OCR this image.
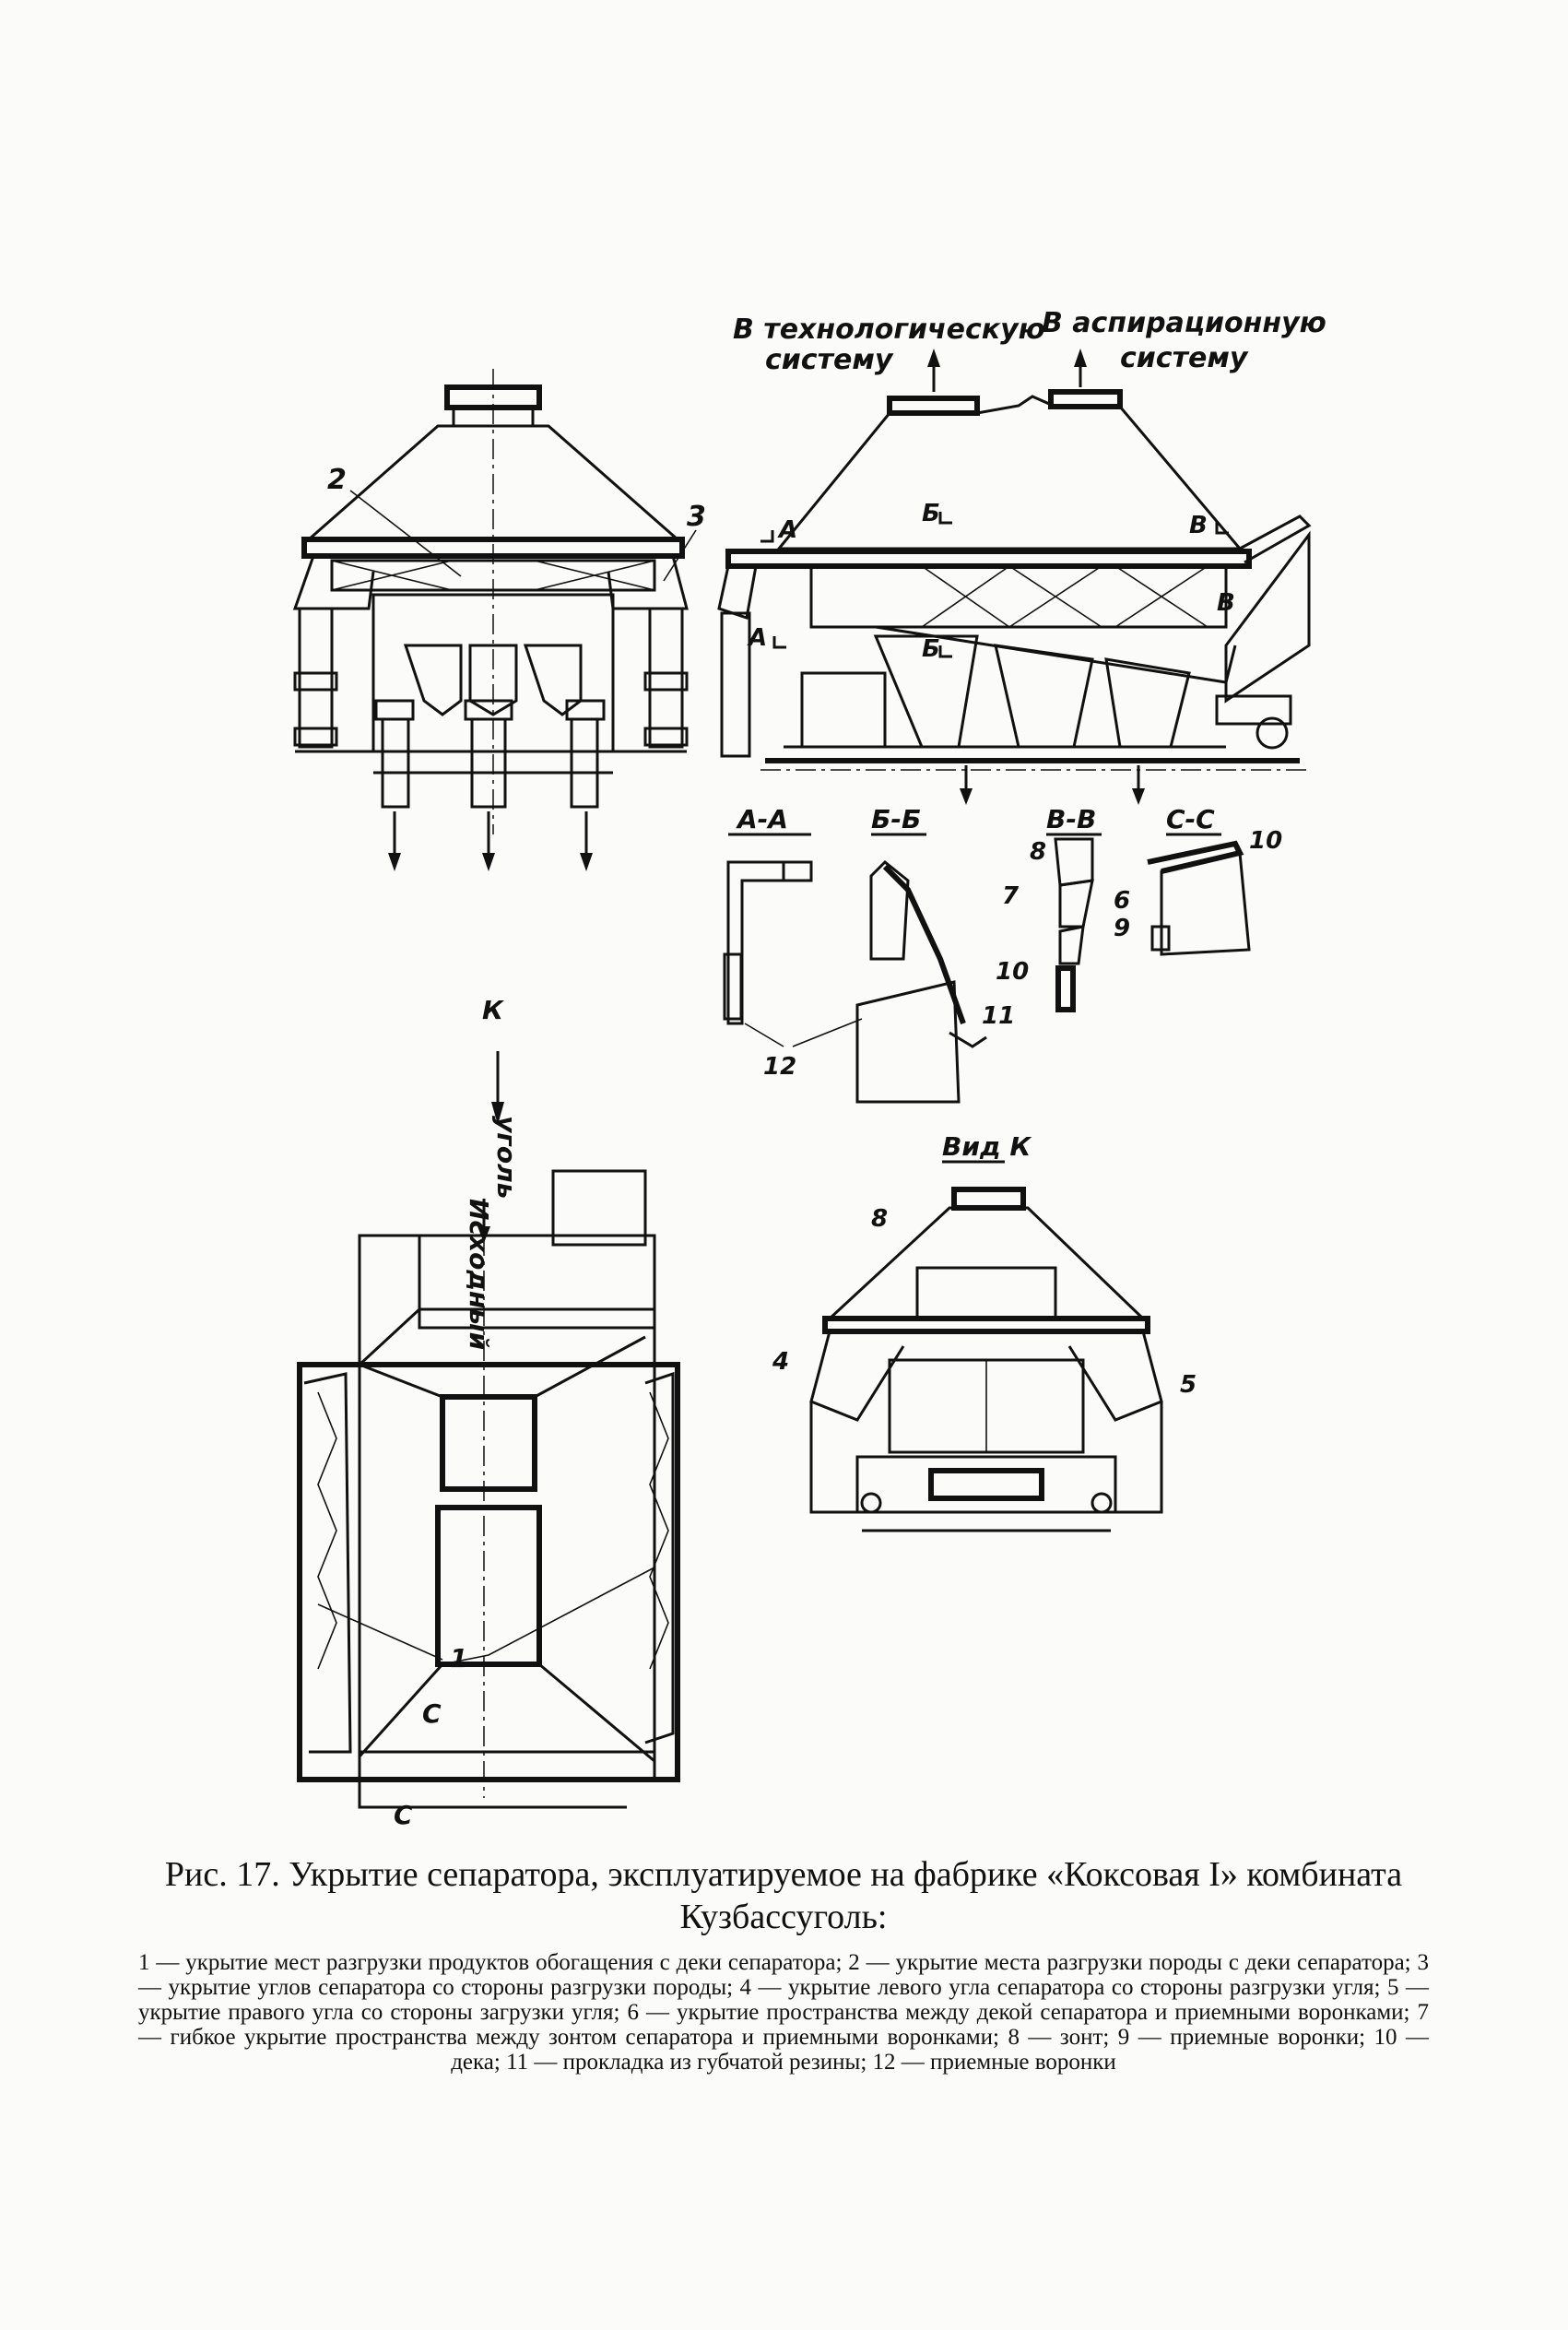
В технологическую
систему
В аспирационную
систему
2
3	А
Б	В
В
А	Б
А-А	Б-Б	В-В	С-С
8
7
10
10
6
9
11
12
К
Исходный
уголь
1
С
С
Вид К
8
4
5
Рис. 17. Укрытие сепаратора, эксплуатируемое на фабрике «Коксовая I» комбината Кузбассуголь:
1 — укрытие мест разгрузки продуктов обогащения с деки сепаратора; 2 — укрытие места разгрузки породы с деки сепаратора; 3 — укрытие углов сепаратора со стороны разгрузки породы; 4 — укрытие левого угла сепаратора со стороны разгрузки угля; 5 — укрытие правого угла со стороны загрузки угля; 6 — укрытие пространства между декой сепаратора и приемными воронками; 7 — гибкое укрытие пространства между зонтом сепаратора и приемными воронками; 8 — зонт; 9 — приемные воронки; 10 — дека; 11 — прокладка из губчатой резины; 12 — приемные воронки
